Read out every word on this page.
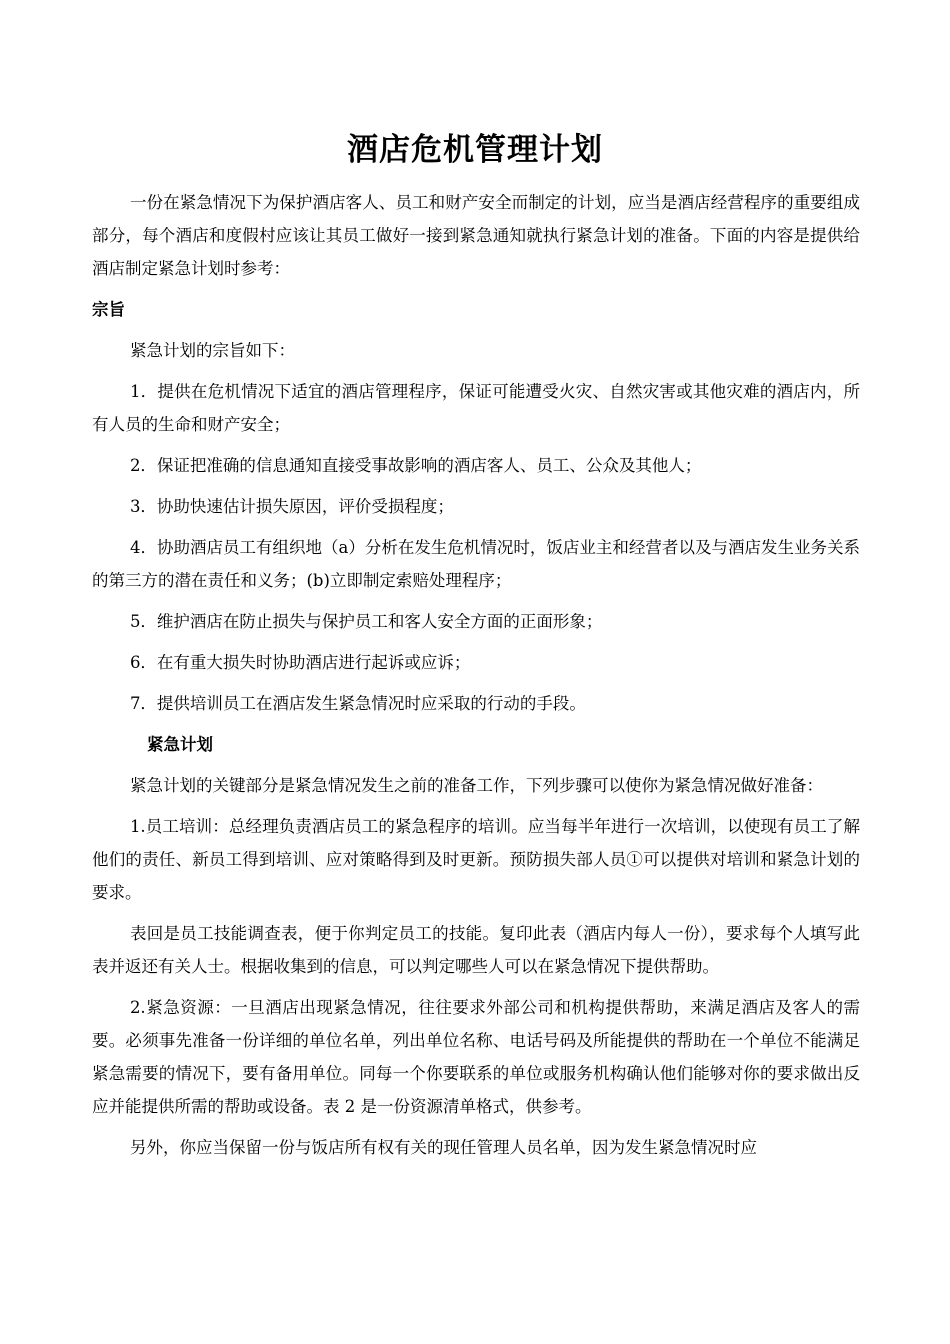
酒店危机管理计划

一份在紧急情况下为保护酒店客人、员工和财产安全而制定的计划，应当是酒店经营程序的重要组成部分，每个酒店和度假村应该让其员工做好一接到紧急通知就执行紧急计划的准备。下面的内容是提供给酒店制定紧急计划时参考：

宗旨

紧急计划的宗旨如下：

1．提供在危机情况下适宜的酒店管理程序，保证可能遭受火灾、自然灾害或其他灾难的酒店内，所有人员的生命和财产安全；

2．保证把准确的信息通知直接受事故影响的酒店客人、员工、公众及其他人；

3．协助快速估计损失原因，评价受损程度；

4．协助酒店员工有组织地（a）分析在发生危机情况时，饭店业主和经营者以及与酒店发生业务关系的第三方的潜在责任和义务；(b)立即制定索赔处理程序；

5．维护酒店在防止损失与保护员工和客人安全方面的正面形象；

6．在有重大损失时协助酒店进行起诉或应诉；

7．提供培训员工在酒店发生紧急情况时应采取的行动的手段。

紧急计划

紧急计划的关键部分是紧急情况发生之前的准备工作，下列步骤可以使你为紧急情况做好准备：

1.员工培训：总经理负责酒店员工的紧急程序的培训。应当每半年进行一次培训，以使现有员工了解他们的责任、新员工得到培训、应对策略得到及时更新。预防损失部人员①可以提供对培训和紧急计划的要求。

表回是员工技能调查表，便于你判定员工的技能。复印此表（酒店内每人一份），要求每个人填写此表并返还有关人士。根据收集到的信息，可以判定哪些人可以在紧急情况下提供帮助。

2.紧急资源：一旦酒店出现紧急情况，往往要求外部公司和机构提供帮助，来满足酒店及客人的需要。必须事先准备一份详细的单位名单，列出单位名称、电话号码及所能提供的帮助在一个单位不能满足紧急需要的情况下，要有备用单位。同每一个你要联系的单位或服务机构确认他们能够对你的要求做出反应并能提供所需的帮助或设备。表 2 是一份资源清单格式，供参考。

另外，你应当保留一份与饭店所有权有关的现任管理人员名单，因为发生紧急情况时应
